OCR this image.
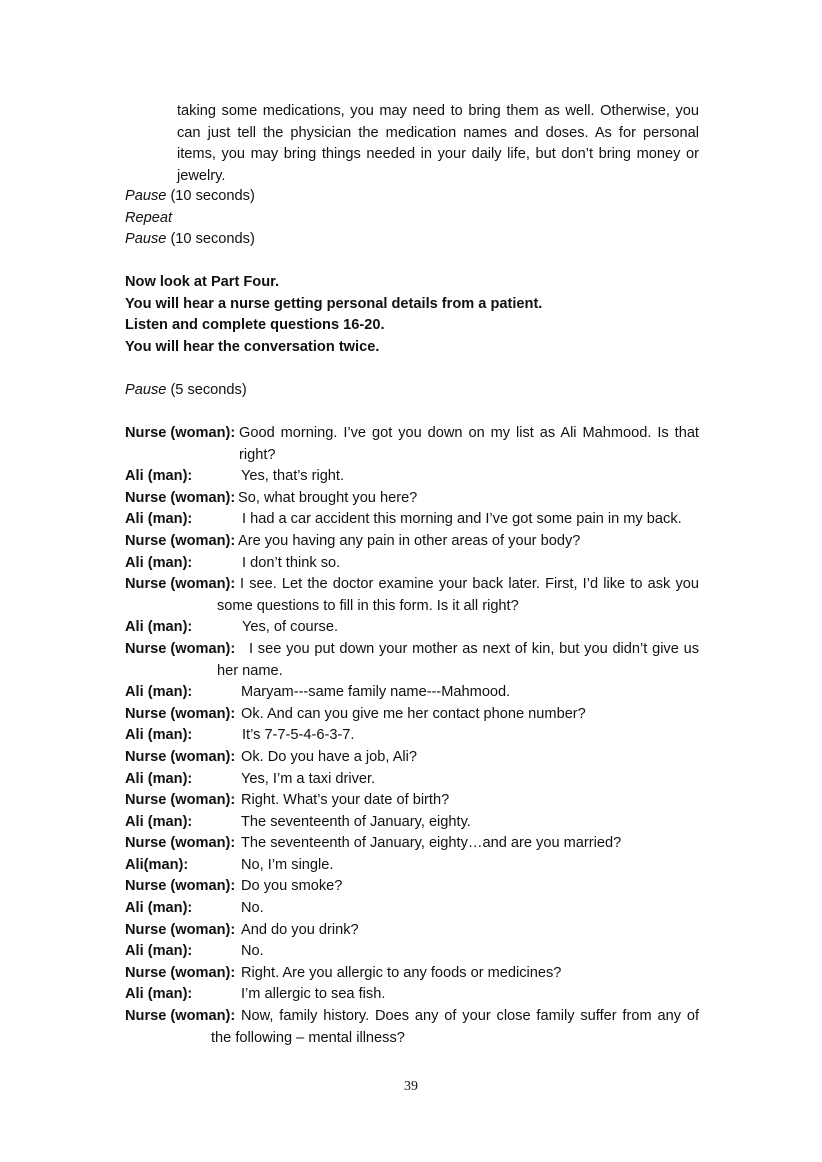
taking some medications, you may need to bring them as well. Otherwise, you can just tell the physician the medication names and doses. As for personal items, you may bring things needed in your daily life, but don’t bring money or jewelry.

Pause (10 seconds)
Repeat
Pause (10 seconds)
Now look at Part Four.
You will hear a nurse getting personal details from a patient.
Listen and complete questions 16-20.
You will hear the conversation twice.
Pause (5 seconds)
Nurse (woman): Good morning. I’ve got you down on my list as Ali Mahmood. Is that right?
Ali (man):	Yes, that’s right.
Nurse (woman): So, what brought you here?
Ali (man):	I had a car accident this morning and I’ve got some pain in my back.
Nurse (woman): Are you having any pain in other areas of your body?
Ali (man):	I don’t think so.
Nurse (woman): I see. Let the doctor examine your back later. First, I’d like to ask you some questions to fill in this form. Is it all right?
Ali (man):	Yes, of course.
Nurse (woman): I see you put down your mother as next of kin, but you didn’t give us her name.
Ali (man):	Maryam---same family name---Mahmood.
Nurse (woman): Ok. And can you give me her contact phone number?
Ali (man):	It’s 7-7-5-4-6-3-7.
Nurse (woman): Ok. Do you have a job, Ali?
Ali (man):	Yes, I’m a taxi driver.
Nurse (woman): Right. What’s your date of birth?
Ali (man):	The seventeenth of January, eighty.
Nurse (woman): The seventeenth of January, eighty…and are you married?
Ali(man):	No, I’m single.
Nurse (woman): Do you smoke?
Ali (man):	No.
Nurse (woman): And do you drink?
Ali (man):	No.
Nurse (woman): Right. Are you allergic to any foods or medicines?
Ali (man):	I’m allergic to sea fish.
Nurse (woman): Now, family history. Does any of your close family suffer from any of the following – mental illness?
39
